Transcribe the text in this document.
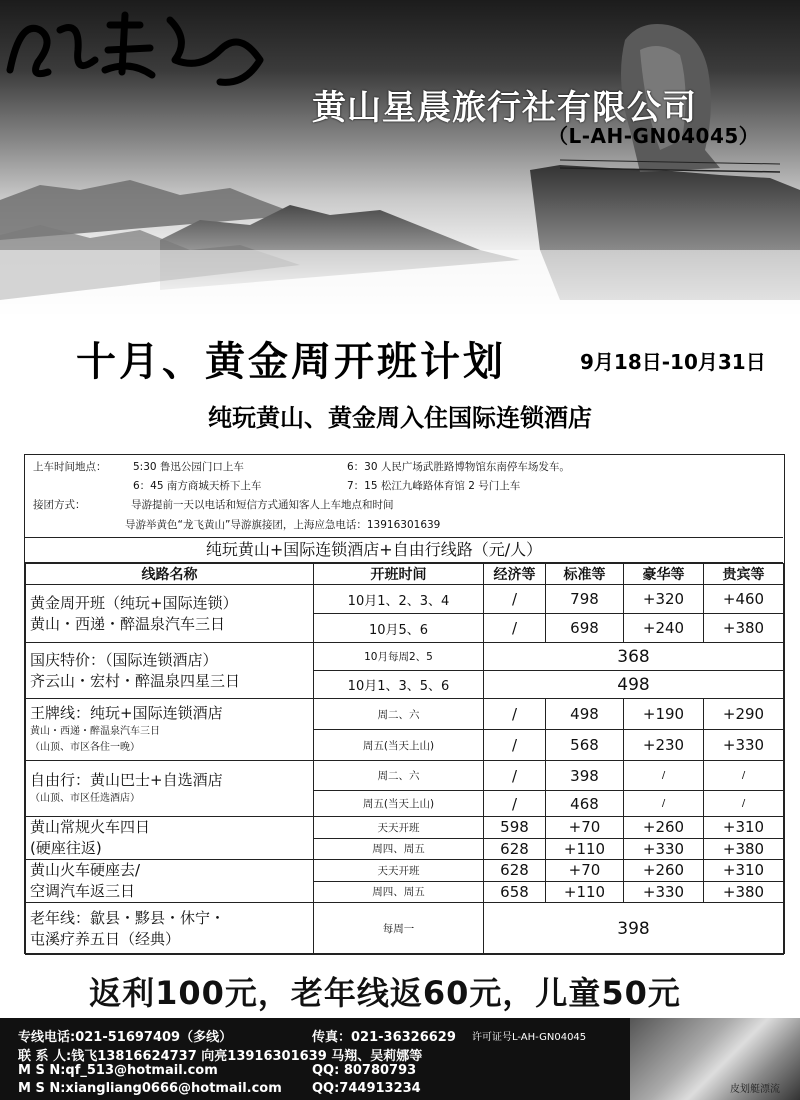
黄山星晨旅行社有限公司
（L-AH-GN04045）
十月、黄金周开班计划	9月18日-10月31日
纯玩黄山、黄金周入住国际连锁酒店
上车时间地点：	5:30 鲁迅公园门口上车	6：30 人民广场武胜路博物馆东南停车场发车。
6：45 南方商城天桥下上车	7：15 松江九峰路体育馆 2 号门上车
接团方式：	导游提前一天以电话和短信方式通知客人上车地点和时间
导游举黄色“龙飞黄山”导游旗接团，上海应急电话：13916301639
纯玩黄山+国际连锁酒店+自由行线路（元/人）
线路名称	开班时间	经济等	标准等	豪华等	贵宾等
黄金周开班（纯玩+国际连锁）
黄山・西递・醉温泉汽车三日	10月1、2、3、4	/	798	+320	+460
	10月5、6	/	698	+240	+380
国庆特价：（国际连锁酒店）
齐云山・宏村・醉温泉四星三日	10月每周2、5	368			
	10月1、3、5、6	498			
王牌线：纯玩+国际连锁酒店
黄山・西递・醉温泉汽车三日
（山顶、市区各住一晚）	周二、六	/	498	+190	+290
	周五(当天上山)	/	568	+230	+330
自由行：黄山巴士+自选酒店
（山顶、市区任选酒店）	周二、六	/	398	/	/
	周五(当天上山)	/	468	/	/
黄山常规火车四日
(硬座往返)	天天开班	598	+70	+260	+310
	周四、周五	628	+110	+330	+380
黄山火车硬座去/
空调汽车返三日	天天开班	628	+70	+260	+310
	周四、周五	658	+110	+330	+380
老年线：歙县・黟县・休宁・
屯溪疗养五日（经典）	每周一	398			
返利100元，老年线返60元，儿童50元
专线电话:021-51697409（多线）	传真：021-36326629 许可证号L-AH-GN04045
联 系 人:钱飞13816624737 向亮13916301639 马翔、吴莉娜等
M S N:qf_513@hotmail.com	QQ: 80780793
M S N:xiangliang0666@hotmail.com QQ:744913234	皮划艇漂流
